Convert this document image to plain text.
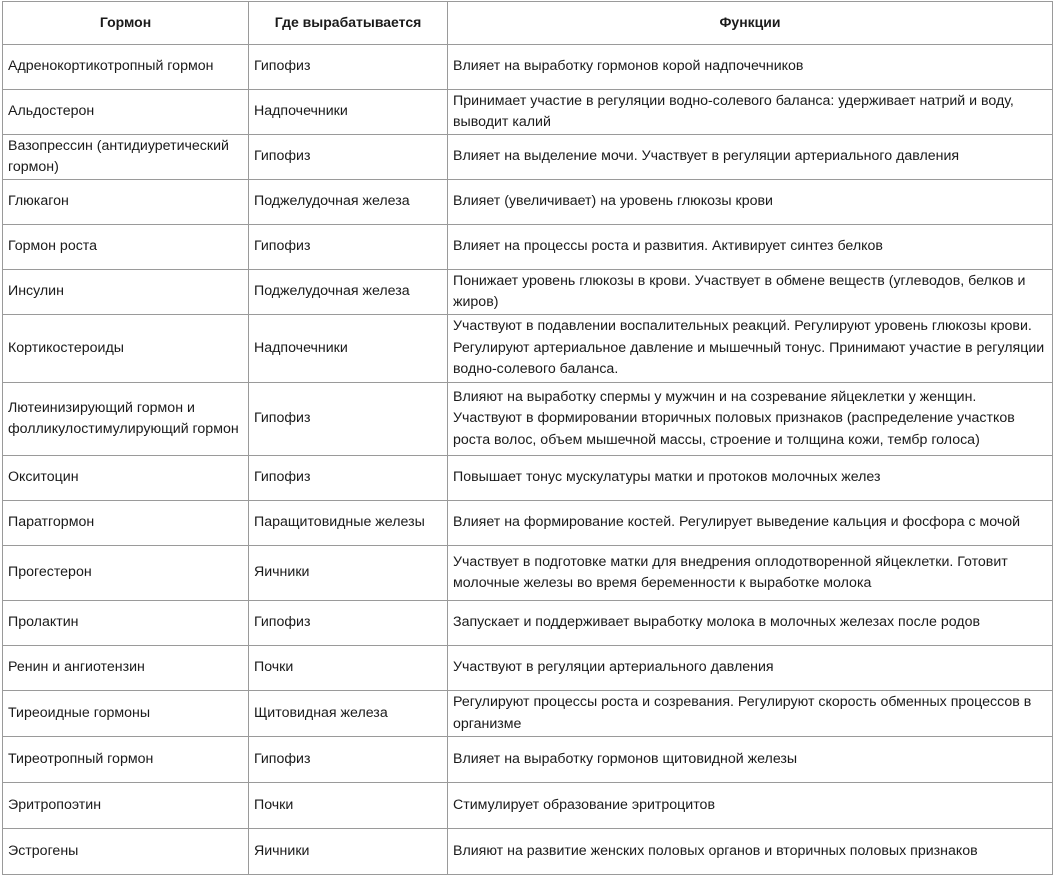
Гормон	Где вырабатывается	Функции
Адренокортикотропный гормон	Гипофиз	Влияет на выработку гормонов корой надпочечников
Альдостерон	Надпочечники	Принимает участие в регуляции водно-солевого баланса: удерживает натрий и воду, выводит калий
Вазопрессин (антидиуретический гормон)	Гипофиз	Влияет на выделение мочи. Участвует в регуляции артериального давления
Глюкагон	Поджелудочная железа	Влияет (увеличивает) на уровень глюкозы крови
Гормон роста	Гипофиз	Влияет на процессы роста и развития. Активирует синтез белков
Инсулин	Поджелудочная железа	Понижает уровень глюкозы в крови. Участвует в обмене веществ (углеводов, белков и жиров)
Кортикостероиды	Надпочечники	Участвуют в подавлении воспалительных реакций. Регулируют уровень глюкозы крови. Регулируют артериальное давление и мышечный тонус. Принимают участие в регуляции водно-солевого баланса.
Лютеинизирующий гормон и фолликулостимулирующий гормон	Гипофиз	Влияют на выработку спермы у мужчин и на созревание яйцеклетки у женщин. Участвуют в формировании вторичных половых признаков (распределение участков роста волос, объем мышечной массы, строение и толщина кожи, тембр голоса)
Окситоцин	Гипофиз	Повышает тонус мускулатуры матки и протоков молочных желез
Паратгормон	Паращитовидные железы	Влияет на формирование костей. Регулирует выведение кальция и фосфора с мочой
Прогестерон	Яичники	Участвует в подготовке матки для внедрения оплодотворенной яйцеклетки. Готовит молочные железы во время беременности к выработке молока
Пролактин	Гипофиз	Запускает и поддерживает выработку молока в молочных железах после родов
Ренин и ангиотензин	Почки	Участвуют в регуляции артериального давления
Тиреоидные гормоны	Щитовидная железа	Регулируют процессы роста и созревания. Регулируют скорость обменных процессов в организме
Тиреотропный гормон	Гипофиз	Влияет на выработку гормонов щитовидной железы
Эритропоэтин	Почки	Стимулирует образование эритроцитов
Эстрогены	Яичники	Влияют на развитие женских половых органов и вторичных половых признаков
